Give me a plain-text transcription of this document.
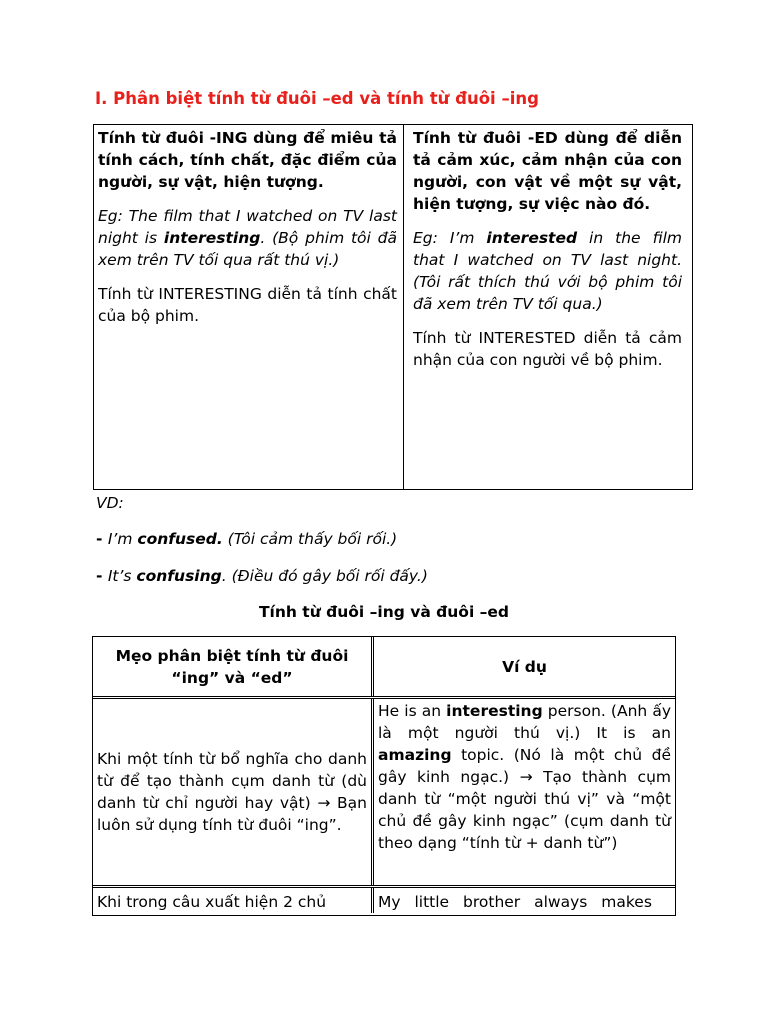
I. Phân biệt tính từ đuôi –ed và tính từ đuôi –ing

Tính từ đuôi -ING dùng để miêu tả tính cách, tính chất, đặc điểm của người, sự vật, hiện tượng.

Eg: The film that I watched on TV last night is interesting. (Bộ phim tôi đã xem trên TV tối qua rất thú vị.)

Tính từ INTERESTING diễn tả tính chất của bộ phim.

Tính từ đuôi -ED dùng để diễn tả cảm xúc, cảm nhận của con người, con vật về một sự vật, hiện tượng, sự việc nào đó.

Eg: I’m interested in the film that I watched on TV last night. (Tôi rất thích thú với bộ phim tôi đã xem trên TV tối qua.)

Tính từ INTERESTED diễn tả cảm nhận của con người về bộ phim.

VD:
- I’m confused. (Tôi cảm thấy bối rối.)
- It’s confusing. (Điều đó gây bối rối đấy.)
Tính từ đuôi –ing và đuôi –ed
Mẹo phân biệt tính từ đuôi “ing” và “ed”
Ví dụ
Khi một tính từ bổ nghĩa cho danh từ để tạo thành cụm danh từ (dù danh từ chỉ người hay vật) → Bạn luôn sử dụng tính từ đuôi “ing”.
He is an interesting person. (Anh ấy là một người thú vị.) It is an amazing topic. (Nó là một chủ đề gây kinh ngạc.) → Tạo thành cụm danh từ “một người thú vị” và “một chủ đề gây kinh ngạc” (cụm danh từ theo dạng “tính từ + danh từ”)
Khi trong câu xuất hiện 2 chủ	My little brother always makes
